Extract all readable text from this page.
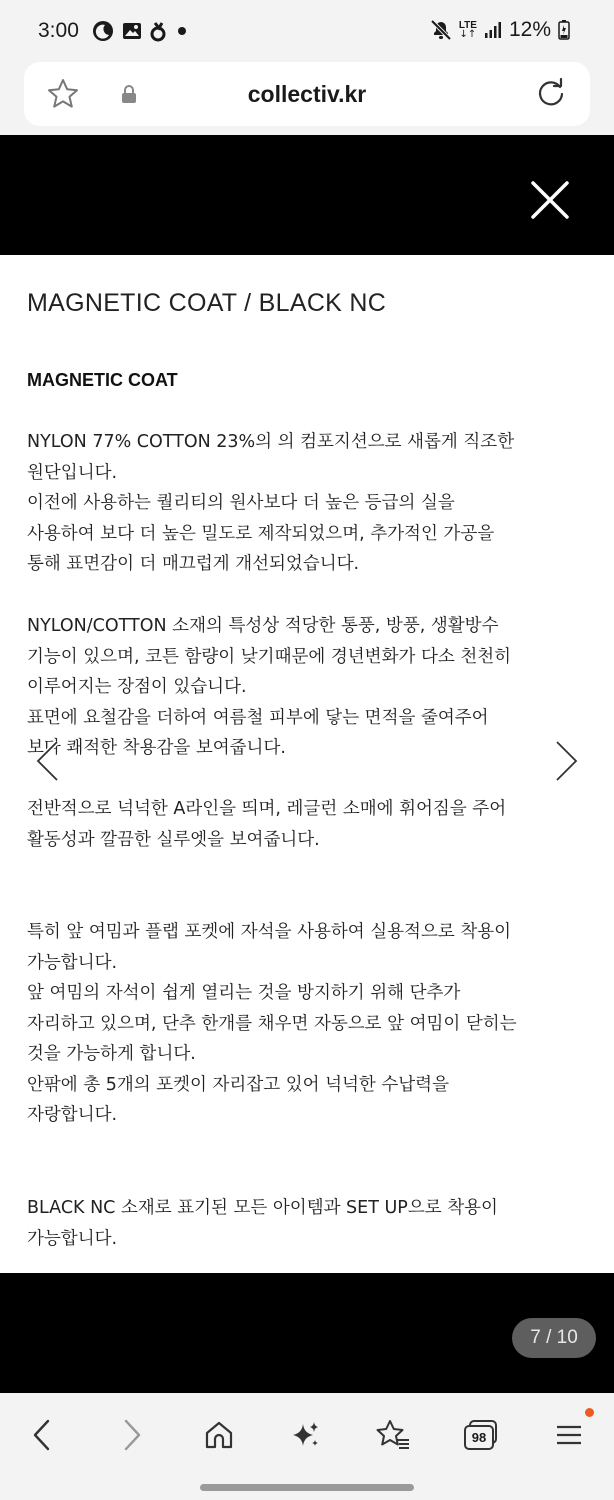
3:00	LTE
↓↑ 12%
collectiv.kr
MAGNETIC COAT / BLACK NC
MAGNETIC COAT
NYLON 77% COTTON 23%의 의 컴포지션으로 새롭게 직조한
원단입니다.
이전에 사용하는 퀄리티의 원사보다 더 높은 등급의 실을
사용하여 보다 더 높은 밀도로 제작되었으며, 추가적인 가공을
통해 표면감이 더 매끄럽게 개선되었습니다.
NYLON/COTTON 소재의 특성상 적당한 통풍, 방풍, 생활방수
기능이 있으며, 코튼 함량이 낮기때문에 경년변화가 다소 천천히
이루어지는 장점이 있습니다.
표면에 요철감을 더하여 여름철 피부에 닿는 면적을 줄여주어
보다 쾌적한 착용감을 보여줍니다.
전반적으로 넉넉한 A라인을 띄며, 레글런 소매에 휘어짐을 주어
활동성과 깔끔한 실루엣을 보여줍니다.
특히 앞 여밈과 플랩 포켓에 자석을 사용하여 실용적으로 착용이
가능합니다.
앞 여밈의 자석이 쉽게 열리는 것을 방지하기 위해 단추가
자리하고 있으며, 단추 한개를 채우면 자동으로 앞 여밈이 닫히는
것을 가능하게 합니다.
안팎에 총 5개의 포켓이 자리잡고 있어 넉넉한 수납력을
자랑합니다.
BLACK NC 소재로 표기된 모든 아이템과 SET UP으로 착용이
가능합니다.
7 / 10
98
